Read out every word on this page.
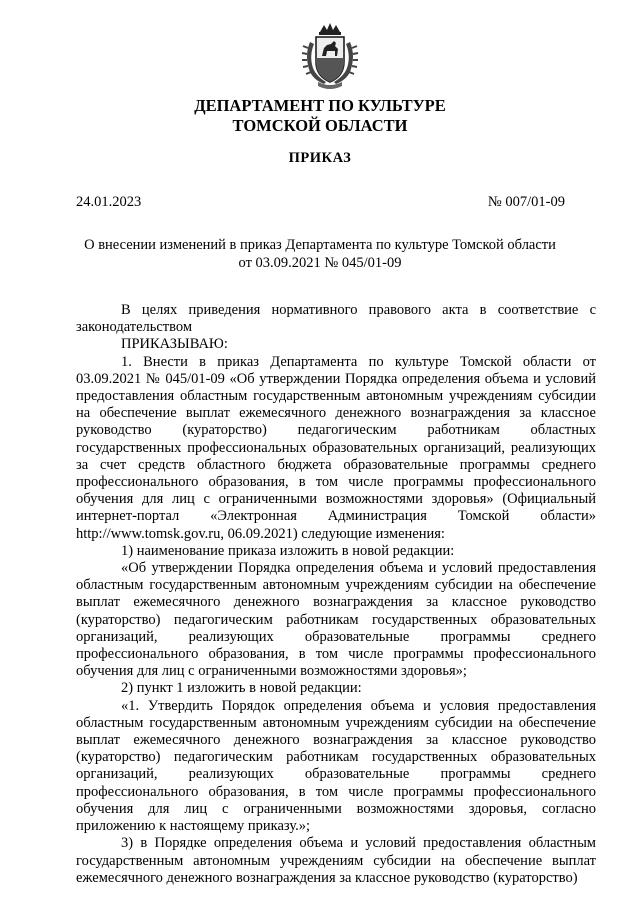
ДЕПАРТАМЕНТ ПО КУЛЬТУРЕ
ТОМСКОЙ ОБЛАСТИ
ПРИКАЗ
24.01.2023	№ 007/01-09
О внесении изменений в приказ Департамента по культуре Томской области
от 03.09.2021 № 045/01-09

В целях приведения нормативного правового акта в соответствие с законодательством

ПРИКАЗЫВАЮ:

1. Внести в приказ Департамента по культуре Томской области от 03.09.2021 № 045/01-09 «Об утверждении Порядка определения объема и условий предоставления областным государственным автономным учреждениям субсидии на обеспечение выплат ежемесячного денежного вознаграждения за классное руководство (кураторство) педагогическим работникам областных государственных профессиональных образовательных организаций, реализующих за счет средств областного бюджета образовательные программы среднего профессионального образования, в том числе программы профессионального обучения для лиц с ограниченными возможностями здоровья» (Официальный интернет-портал «Электронная Администрация Томской области» http://www.tomsk.gov.ru, 06.09.2021) следующие изменения:

1) наименование приказа изложить в новой редакции:

«Об утверждении Порядка определения объема и условий предоставления областным государственным автономным учреждениям субсидии на обеспечение выплат ежемесячного денежного вознаграждения за классное руководство (кураторство) педагогическим работникам государственных образовательных организаций, реализующих образовательные программы среднего профессионального образования, в том числе программы профессионального обучения для лиц с ограниченными возможностями здоровья»;

2) пункт 1 изложить в новой редакции:

«1. Утвердить Порядок определения объема и условия предоставления областным государственным автономным учреждениям субсидии на обеспечение выплат ежемесячного денежного вознаграждения за классное руководство (кураторство) педагогическим работникам государственных образовательных организаций, реализующих образовательные программы среднего профессионального образования, в том числе программы профессионального обучения для лиц с ограниченными возможностями здоровья, согласно приложению к настоящему приказу.»;

3) в Порядке определения объема и условий предоставления областным государственным автономным учреждениям субсидии на обеспечение выплат ежемесячного денежного вознаграждения за классное руководство (кураторство)
